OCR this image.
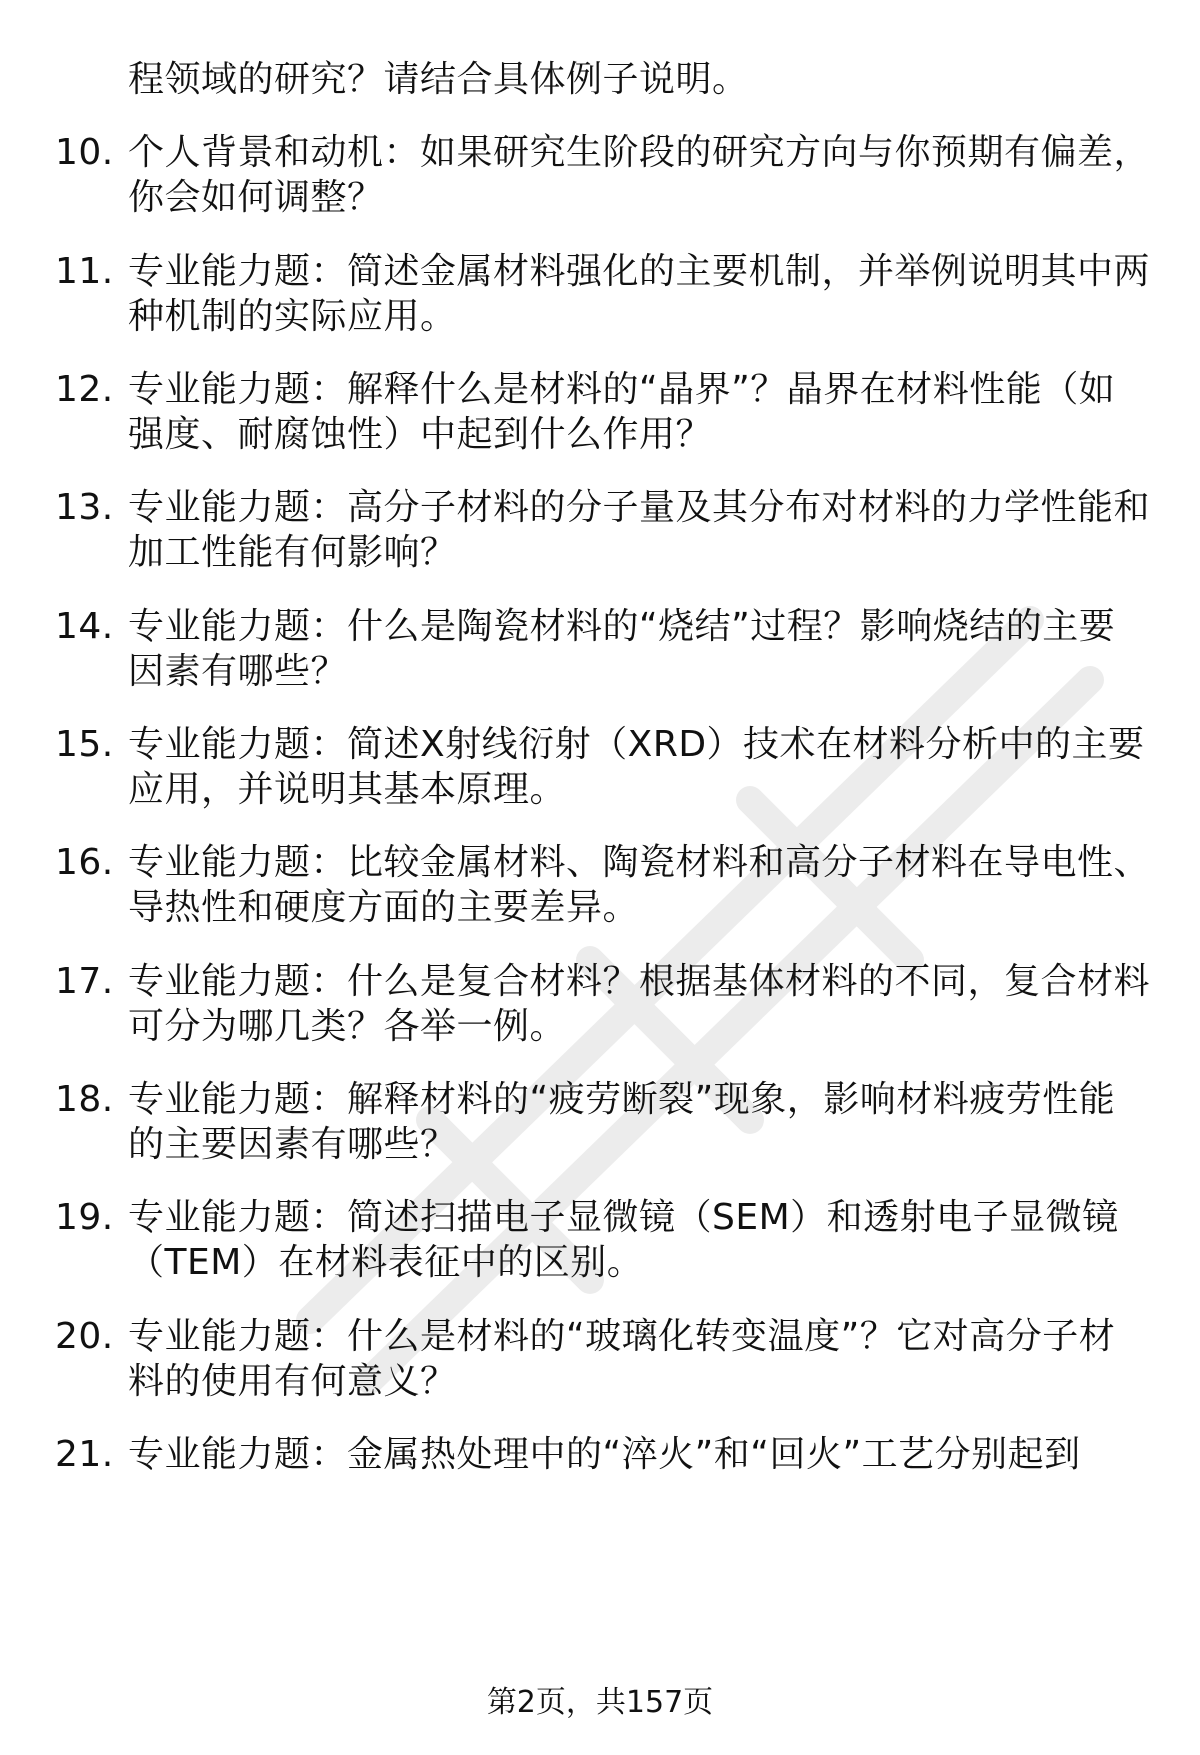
程领域的研究？请结合具体例子说明。
10. 个人背景和动机：如果研究生阶段的研究方向与你预期有偏差，
你会如何调整？
11. 专业能力题：简述金属材料强化的主要机制，并举例说明其中两
种机制的实际应用。
12. 专业能力题：解释什么是材料的“晶界”？晶界在材料性能（如
强度、耐腐蚀性）中起到什么作用？
13. 专业能力题：高分子材料的分子量及其分布对材料的力学性能和
加工性能有何影响？
14. 专业能力题：什么是陶瓷材料的“烧结”过程？影响烧结的主要
因素有哪些？
15. 专业能力题：简述X射线衍射（XRD）技术在材料分析中的主要
应用，并说明其基本原理。
16. 专业能力题：比较金属材料、陶瓷材料和高分子材料在导电性、
导热性和硬度方面的主要差异。
17. 专业能力题：什么是复合材料？根据基体材料的不同，复合材料
可分为哪几类？各举一例。
18. 专业能力题：解释材料的“疲劳断裂”现象，影响材料疲劳性能
的主要因素有哪些？
19. 专业能力题：简述扫描电子显微镜（SEM）和透射电子显微镜
（TEM）在材料表征中的区别。
20. 专业能力题：什么是材料的“玻璃化转变温度”？它对高分子材
料的使用有何意义？
21. 专业能力题：金属热处理中的“淬火”和“回火”工艺分别起到
第2页，共157页
